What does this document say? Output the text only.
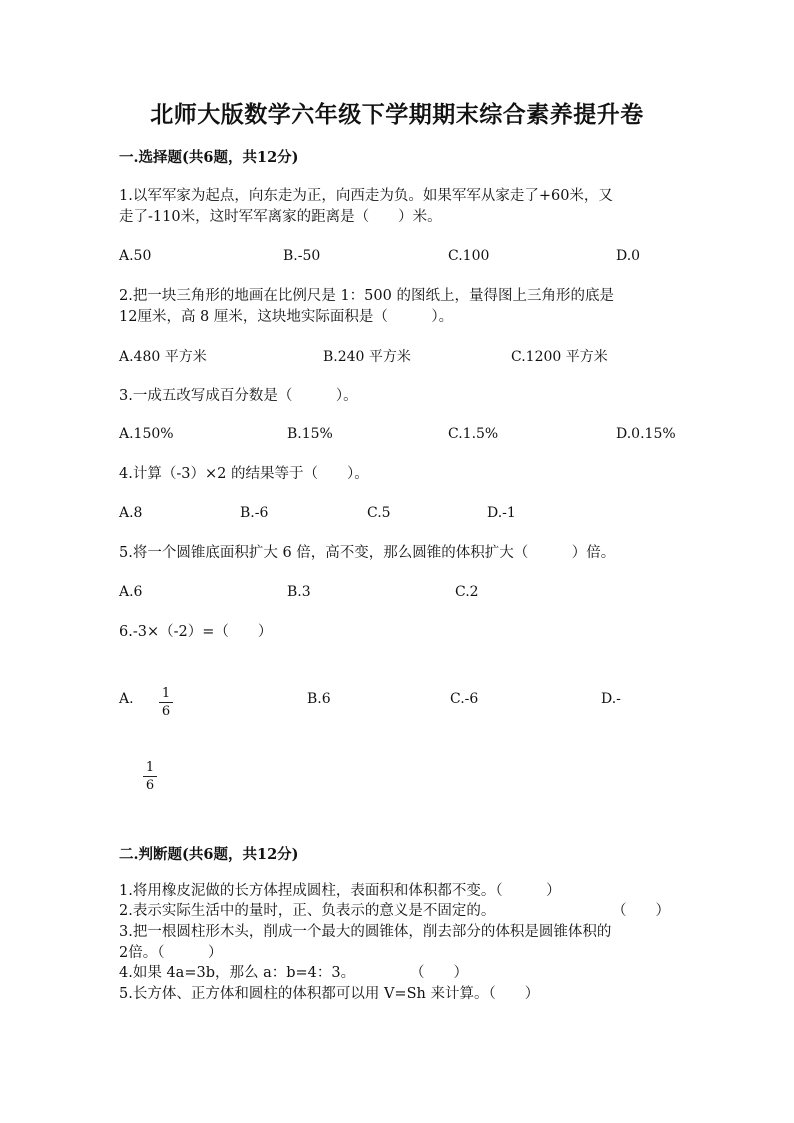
北师大版数学六年级下学期期末综合素养提升卷
一.选择题(共6题，共12分)
1.以军军家为起点，向东走为正，向西走为负。如果军军从家走了+60米，又
走了-110米，这时军军离家的距离是（　　）米。
A.50	B.-50	C.100	D.0
2.把一块三角形的地画在比例尺是 1：500 的图纸上，量得图上三角形的底是
12厘米，高 8 厘米，这块地实际面积是（　　　）。
A.480 平方米	B.240 平方米	C.1200 平方米
3.一成五改写成百分数是（　　　）。
A.150%	B.15%	C.1.5%	D.0.15%
4.计算（-3）×2 的结果等于（　　）。
A.8	B.-6	C.5	D.-1
5.将一个圆锥底面积扩大 6 倍，高不变，那么圆锥的体积扩大（　　　）倍。
A.6	B.3	C.2
6.-3×（-2）=（　　）
A. 1
6
B.6	C.-6	D.-
1
6
二.判断题(共6题，共12分)
1.将用橡皮泥做的长方体捏成圆柱，表面积和体积都不变。（　　　）
2.表示实际生活中的量时，正、负表示的意义是不固定的。	（　　）
3.把一根圆柱形木头，削成一个最大的圆锥体，削去部分的体积是圆锥体积的
2倍。（　　　）
4.如果 4a=3b，那么 a：b=4：3。	（　　）
5.长方体、正方体和圆柱的体积都可以用 V=Sh 来计算。（　　）
